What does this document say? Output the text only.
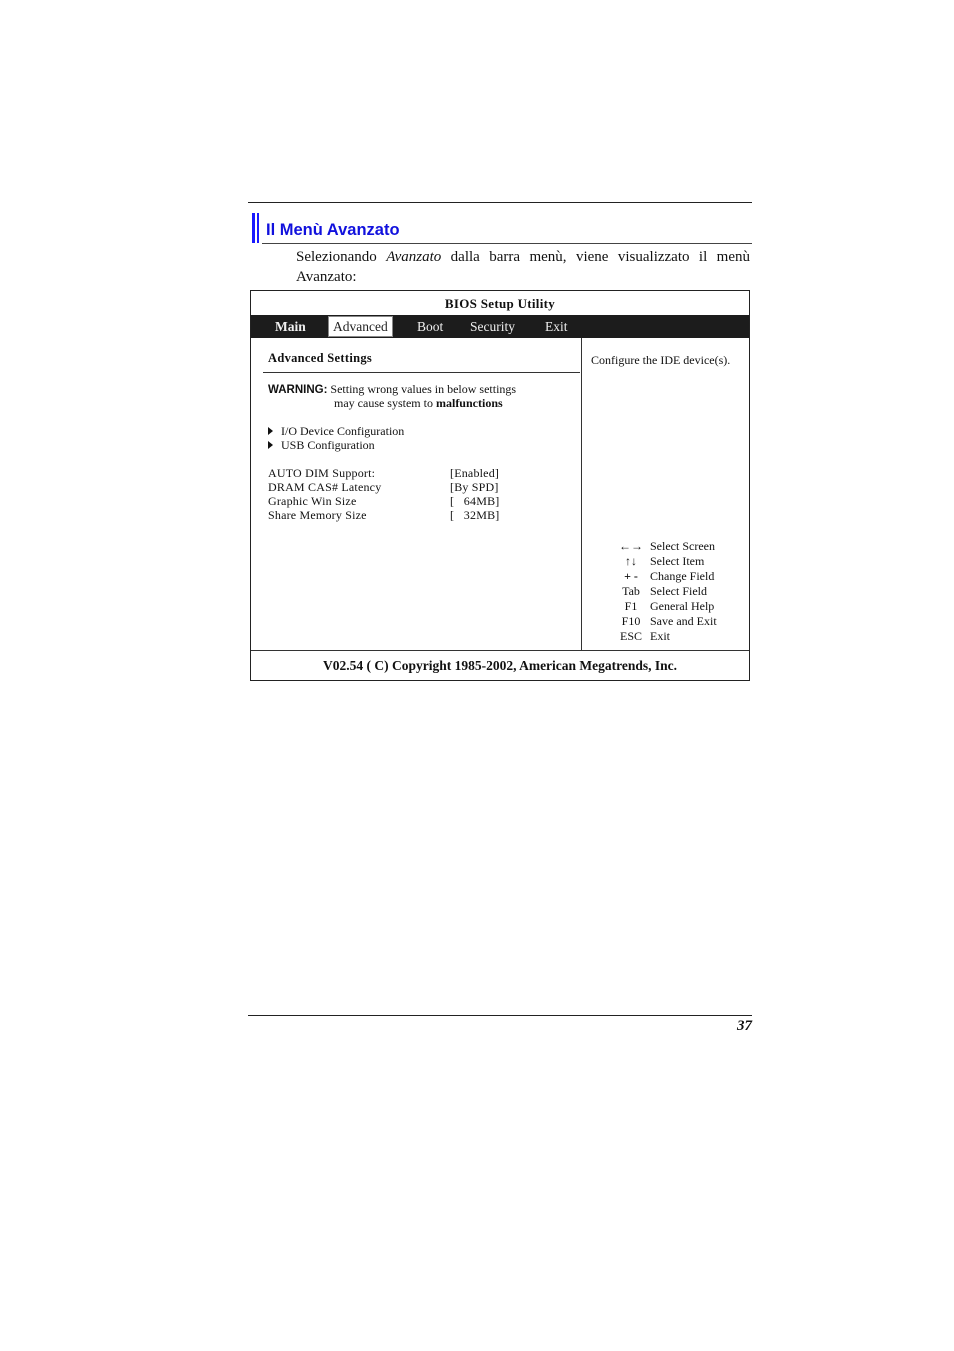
Il Menù Avanzato
Selezionando Avanzato dalla barra menù, viene visualizzato il menù Avanzato:
BIOS Setup Utility
Main	Advanced	Boot Security Exit
Advanced Settings
WARNING: Setting wrong values in below settings
may cause system to malfunctions
I/O Device Configuration
USB Configuration
AUTO DIM Support:	[Enabled]
DRAM CAS# Latency	[By SPD]
Graphic Win Size	[   64MB]
Share Memory Size	[   32MB]
Configure the IDE device(s).
←→ Select Screen
↑↓	Select Item
+ -	Change Field
Tab Select Field
F1	General Help
F10 Save and Exit
ESC Exit
V02.54 ( C) Copyright 1985-2002, American Megatrends, Inc.
37
